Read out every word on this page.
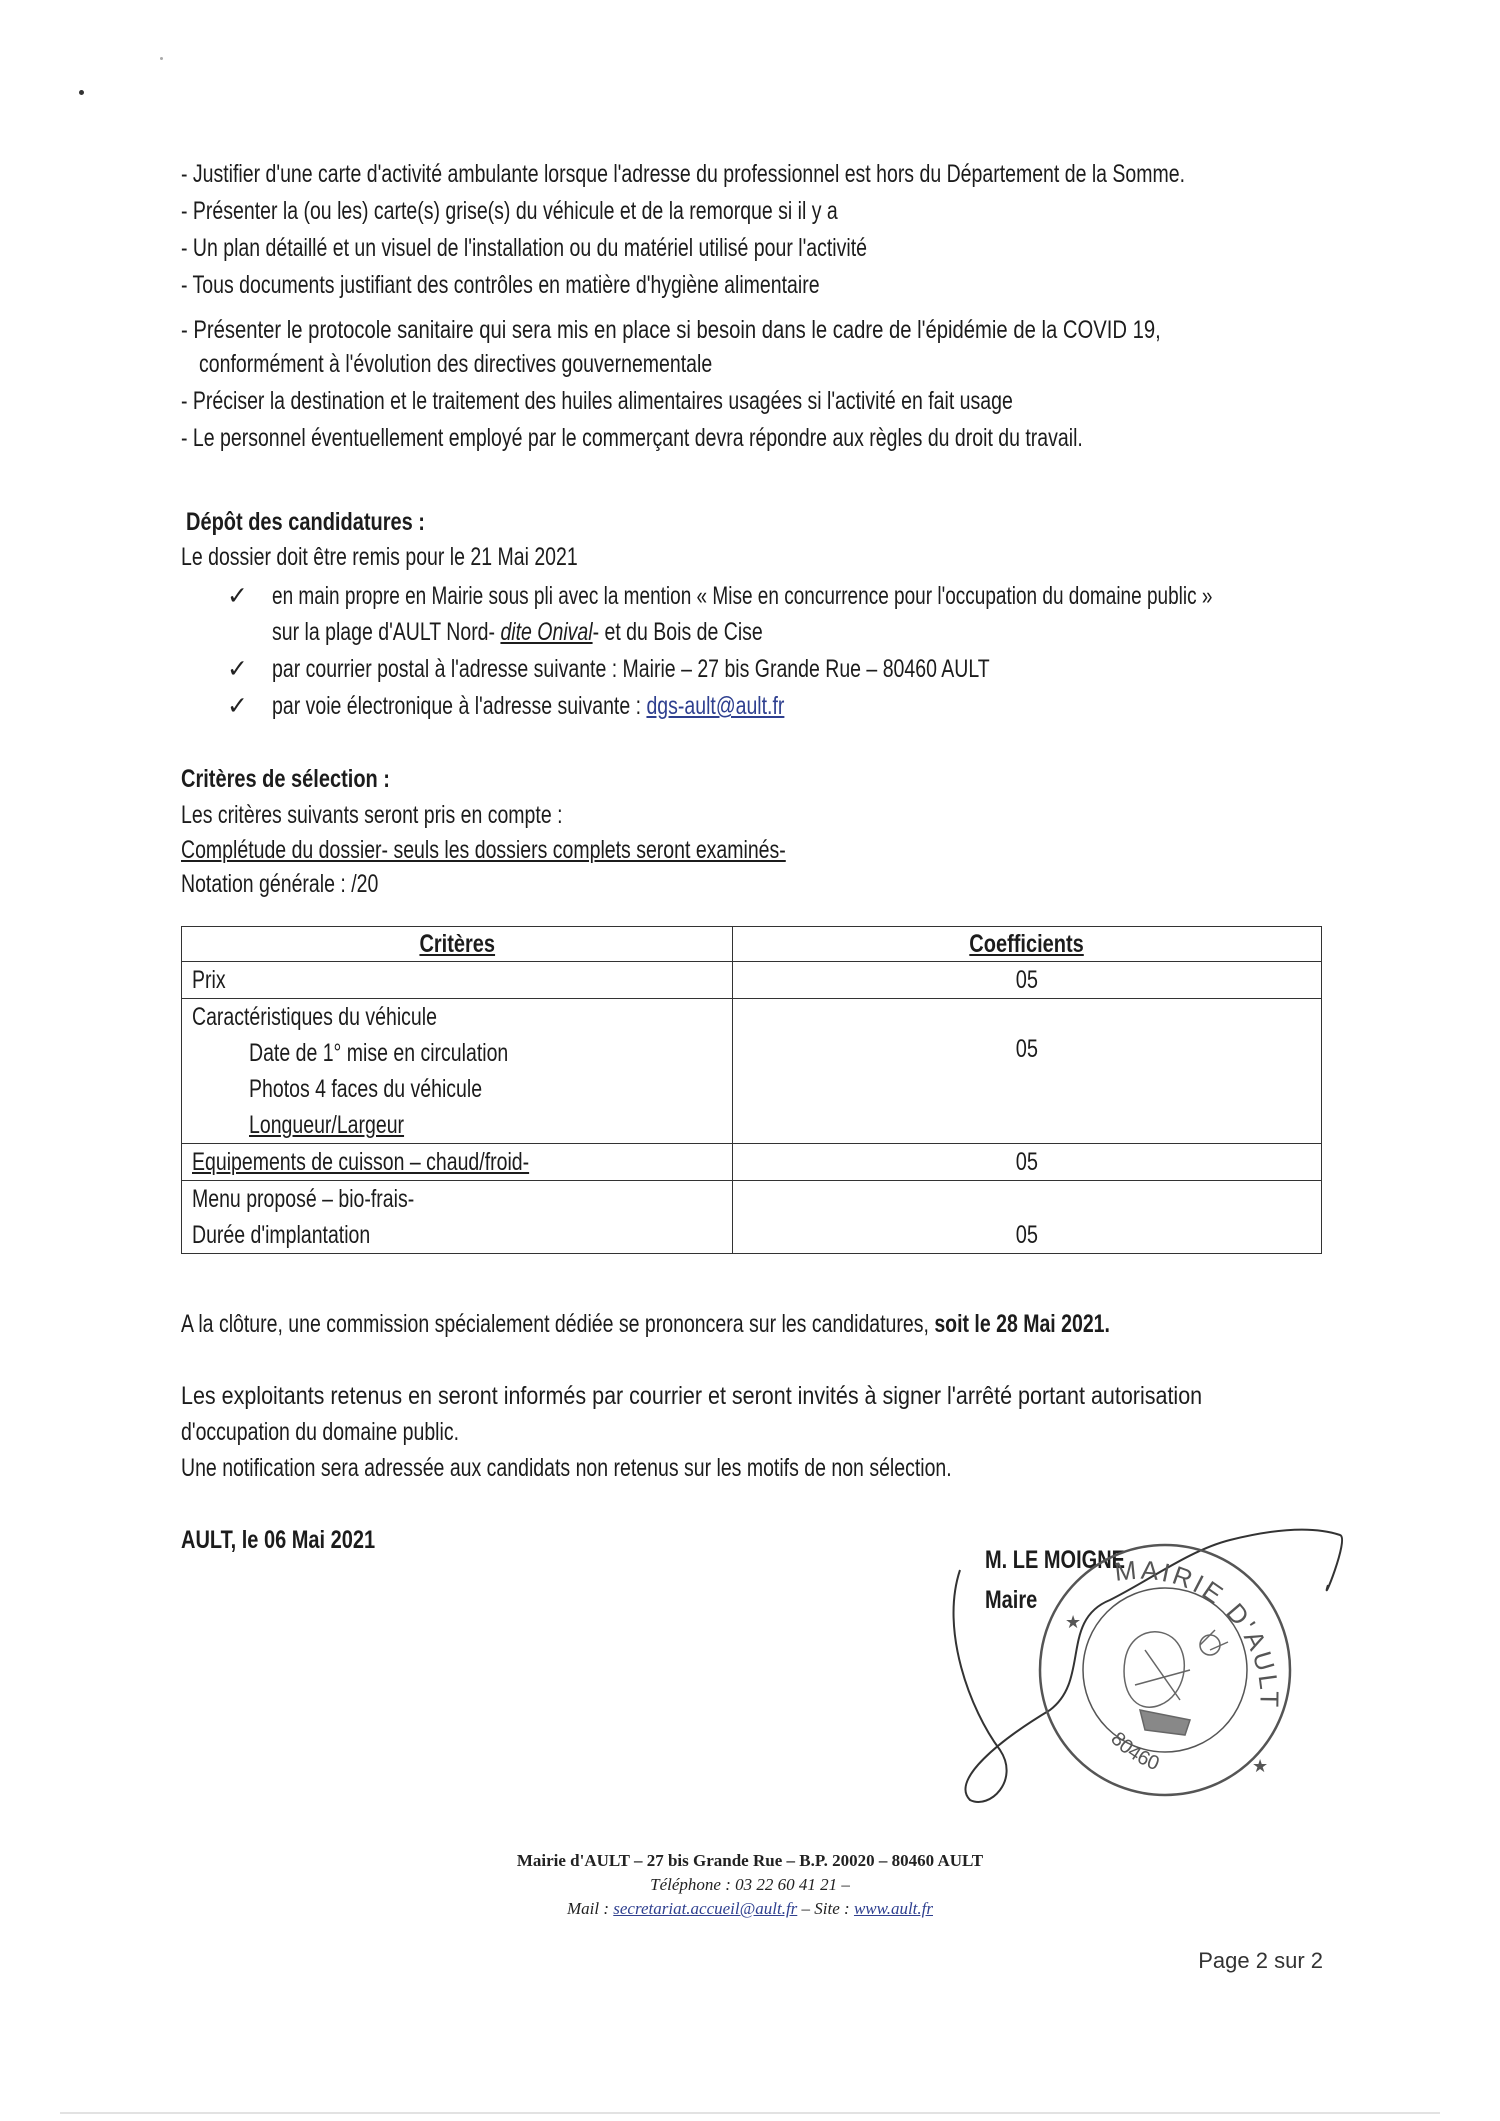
- Justifier d'une carte d'activité ambulante lorsque l'adresse du professionnel est hors du Département de la Somme.
- Présenter la (ou les) carte(s) grise(s) du véhicule et de la remorque si il y a
- Un plan détaillé et un visuel de l'installation ou du matériel utilisé pour l'activité
- Tous documents justifiant des contrôles en matière d'hygiène alimentaire
- Présenter le protocole sanitaire qui sera mis en place si besoin dans le cadre de l'épidémie de la COVID 19,
conformément à l'évolution des directives gouvernementale
- Préciser la destination et le traitement des huiles alimentaires usagées si l'activité en fait usage
- Le personnel éventuellement employé par le commerçant devra répondre aux règles du droit du travail.
Dépôt des candidatures :
Le dossier doit être remis pour le 21 Mai 2021
✓ en main propre en Mairie sous pli avec la mention « Mise en concurrence pour l'occupation du domaine public »
sur la plage d'AULT Nord- dite Onival- et du Bois de Cise
✓ par courrier postal à l'adresse suivante : Mairie – 27 bis Grande Rue – 80460 AULT
✓ par voie électronique à l'adresse suivante : dgs-ault@ault.fr
Critères de sélection :
Les critères suivants seront pris en compte :
Complétude du dossier- seuls les dossiers complets seront examinés-
Notation générale : /20
Critères	Coefficients

Prix	05

Caractéristiques du véhicule
Date de 1° mise en circulation
Photos 4 faces du véhicule
Longueur/Largeur	05

Equipements de cuisson – chaud/froid-	05

Menu proposé – bio-frais-
Durée d'implantation	05
A la clôture, une commission spécialement dédiée se prononcera sur les candidatures, soit le 28 Mai 2021.
Les exploitants retenus en seront informés par courrier et seront invités à signer l'arrêté portant autorisation
d'occupation du domaine public.
Une notification sera adressée aux candidats non retenus sur les motifs de non sélection.
AULT, le 06 Mai 2021
M. LE MOIGNE
Maire
MAIRIE D'AULT
80460
★
★
Mairie d'AULT – 27 bis Grande Rue – B.P. 20020 – 80460 AULT
Téléphone : 03 22 60 41 21 –
Mail : secretariat.accueil@ault.fr – Site : www.ault.fr
Page 2 sur 2
